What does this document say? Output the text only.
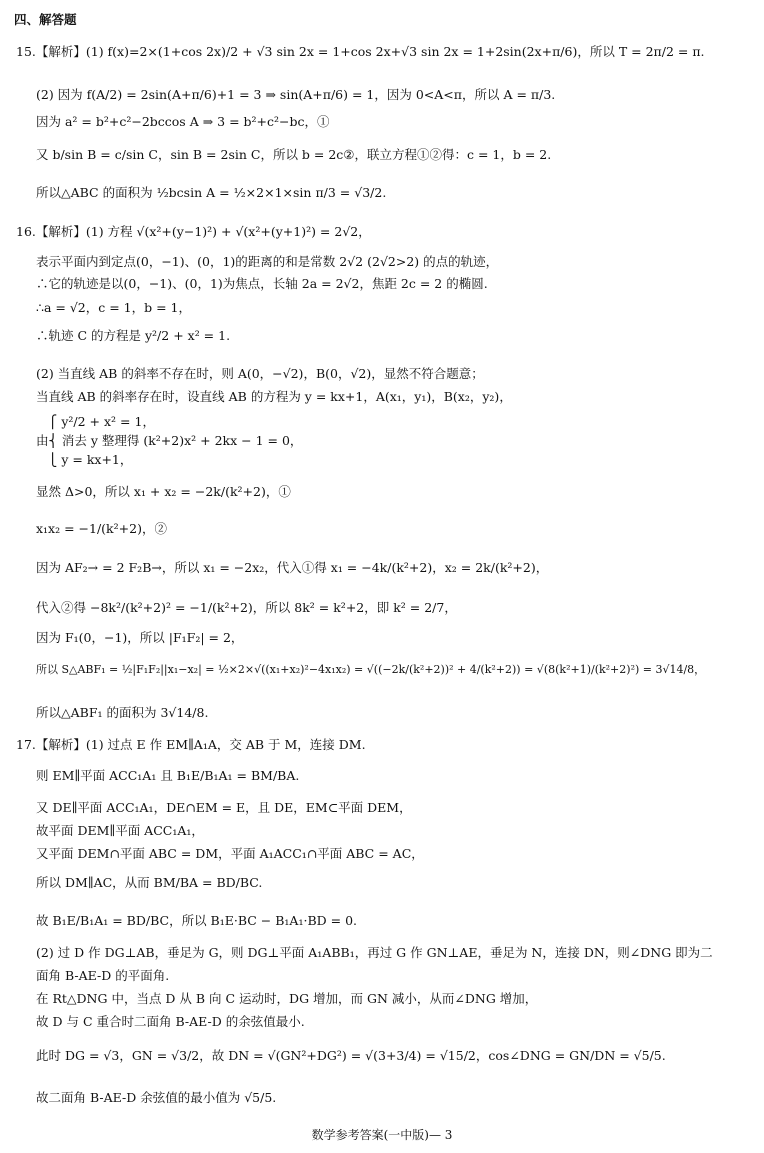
四、解答题
15.【解析】(1) f(x)=2×(1+cos 2x)/2 + √3 sin 2x = 1+cos 2x+√3 sin 2x = 1+2sin(2x+π/6)，所以 T = 2π/2 = π.
(2) 因为 f(A/2) = 2sin(A+π/6)+1 = 3 ⇒ sin(A+π/6) = 1，因为 0<A<π，所以 A = π/3.
因为 a² = b²+c²−2bccos A ⇒ 3 = b²+c²−bc，①
又 b/sin B = c/sin C，sin B = 2sin C，所以 b = 2c②，联立方程①②得：c = 1，b = 2.
所以△ABC 的面积为 ½bcsin A = ½×2×1×sin π/3 = √3/2.
16.【解析】(1) 方程 √(x²+(y−1)²) + √(x²+(y+1)²) = 2√2，
表示平面内到定点(0，−1)、(0，1)的距离的和是常数 2√2 (2√2>2) 的点的轨迹，
∴它的轨迹是以(0，−1)、(0，1)为焦点，长轴 2a = 2√2，焦距 2c = 2 的椭圆.
∴a = √2，c = 1，b = 1，
∴轨迹 C 的方程是 y²/2 + x² = 1.
(2) 当直线 AB 的斜率不存在时，则 A(0，−√2)，B(0，√2)，显然不符合题意；
当直线 AB 的斜率存在时，设直线 AB 的方程为 y = kx+1，A(x₁，y₁)，B(x₂，y₂)，
⎧ y²/2 + x² = 1，
由⎨ 消去 y 整理得 (k²+2)x² + 2kx − 1 = 0，
⎩ y = kx+1，
显然 Δ>0，所以 x₁ + x₂ = −2k/(k²+2)，①
x₁x₂ = −1/(k²+2)，②
因为 AF₂→ = 2 F₂B→，所以 x₁ = −2x₂，代入①得 x₁ = −4k/(k²+2)，x₂ = 2k/(k²+2)，
代入②得 −8k²/(k²+2)² = −1/(k²+2)，所以 8k² = k²+2，即 k² = 2/7，
因为 F₁(0，−1)，所以 |F₁F₂| = 2，
所以 S△ABF₁ = ½|F₁F₂||x₁−x₂| = ½×2×√((x₁+x₂)²−4x₁x₂) = √((−2k/(k²+2))² + 4/(k²+2)) = √(8(k²+1)/(k²+2)²) = 3√14/8，
所以△ABF₁ 的面积为 3√14/8.
17.【解析】(1) 过点 E 作 EM∥A₁A，交 AB 于 M，连接 DM.
则 EM∥平面 ACC₁A₁ 且 B₁E/B₁A₁ = BM/BA.
又 DE∥平面 ACC₁A₁，DE∩EM = E，且 DE，EM⊂平面 DEM，
故平面 DEM∥平面 ACC₁A₁，
又平面 DEM∩平面 ABC = DM，平面 A₁ACC₁∩平面 ABC = AC，
所以 DM∥AC，从而 BM/BA = BD/BC.
故 B₁E/B₁A₁ = BD/BC，所以 B₁E·BC − B₁A₁·BD = 0.
(2) 过 D 作 DG⊥AB，垂足为 G，则 DG⊥平面 A₁ABB₁，再过 G 作 GN⊥AE，垂足为 N，连接 DN，则∠DNG 即为二
面角 B-AE-D 的平面角.
在 Rt△DNG 中，当点 D 从 B 向 C 运动时，DG 增加，而 GN 减小，从而∠DNG 增加，
故 D 与 C 重合时二面角 B-AE-D 的余弦值最小.
此时 DG = √3，GN = √3/2，故 DN = √(GN²+DG²) = √(3+3/4) = √15/2，cos∠DNG = GN/DN = √5/5.
故二面角 B-AE-D 余弦值的最小值为 √5/5.
数学参考答案(一中版)— 3
